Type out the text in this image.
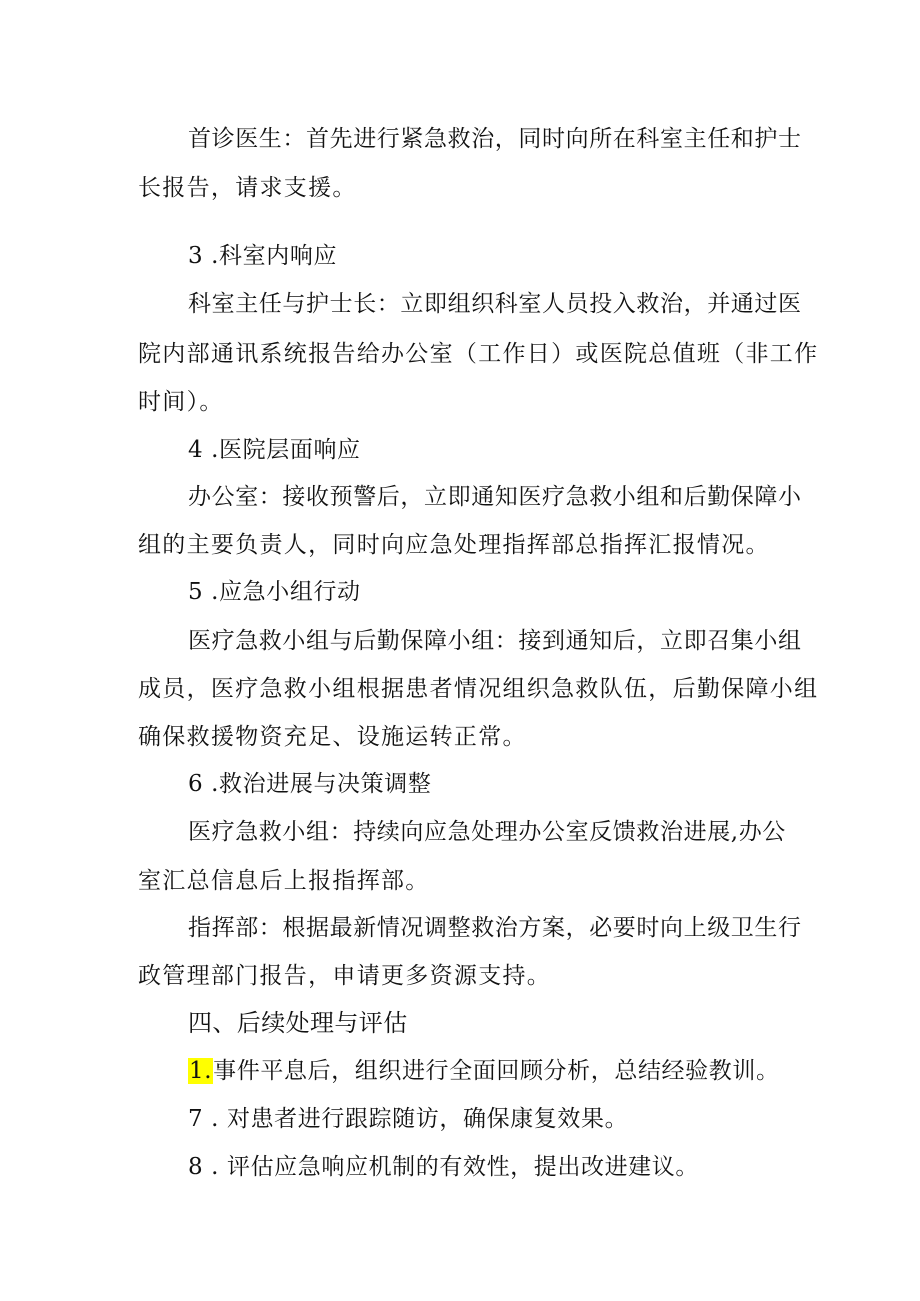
首诊医生：首先进行紧急救治，同时向所在科室主任和护士
长报告，请求支援。
3 .科室内响应
科室主任与护士长：立即组织科室人员投入救治，并通过医
院内部通讯系统报告给办公室（工作日）或医院总值班（非工作
时间）。
4 .医院层面响应
办公室：接收预警后，立即通知医疗急救小组和后勤保障小
组的主要负责人，同时向应急处理指挥部总指挥汇报情况。
5 .应急小组行动
医疗急救小组与后勤保障小组：接到通知后，立即召集小组
成员，医疗急救小组根据患者情况组织急救队伍，后勤保障小组
确保救援物资充足、设施运转正常。
6 .救治进展与决策调整
医疗急救小组：持续向应急处理办公室反馈救治进展,办公
室汇总信息后上报指挥部。
指挥部：根据最新情况调整救治方案，必要时向上级卫生行
政管理部门报告，申请更多资源支持。
四、后续处理与评估
1.事件平息后，组织进行全面回顾分析，总结经验教训。
7 . 对患者进行跟踪随访，确保康复效果。
8 . 评估应急响应机制的有效性，提出改进建议。
